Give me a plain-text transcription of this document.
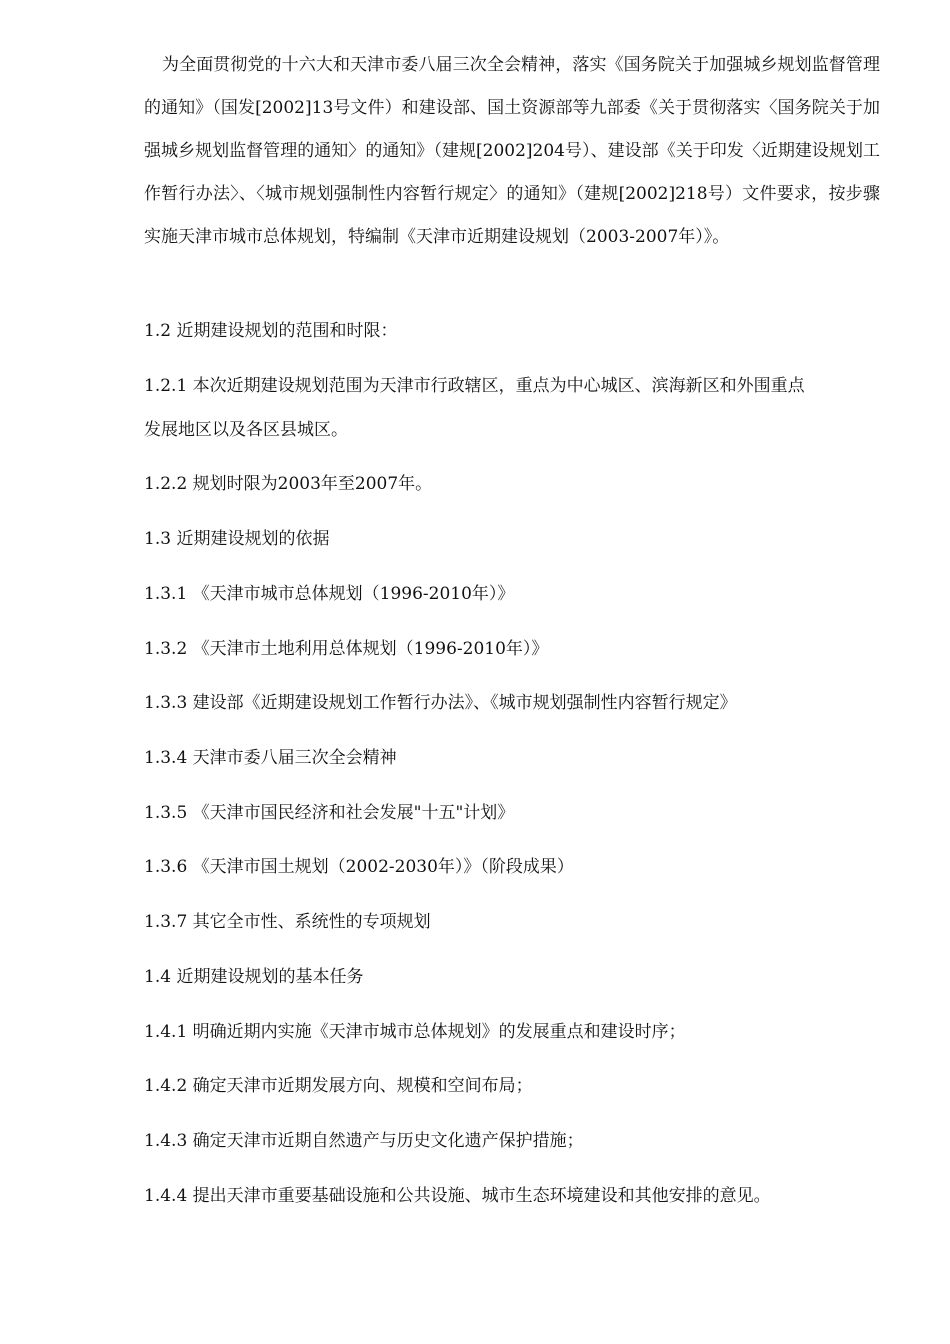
为全面贯彻党的十六大和天津市委八届三次全会精神，落实《国务院关于加强城乡规划监督管理的通知》（国发[2002]13号文件）和建设部、国土资源部等九部委《关于贯彻落实〈国务院关于加强城乡规划监督管理的通知〉的通知》（建规[2002]204号）、建设部《关于印发〈近期建设规划工作暂行办法〉、〈城市规划强制性内容暂行规定〉的通知》（建规[2002]218号）文件要求，按步骤实施天津市城市总体规划，特编制《天津市近期建设规划（2003-2007年）》。

1.2 近期建设规划的范围和时限：
1.2.1 本次近期建设规划范围为天津市行政辖区，重点为中心城区、滨海新区和外围重点
发展地区以及各区县城区。
1.2.2 规划时限为2003年至2007年。
1.3 近期建设规划的依据
1.3.1 《天津市城市总体规划（1996-2010年）》
1.3.2 《天津市土地利用总体规划（1996-2010年）》
1.3.3 建设部《近期建设规划工作暂行办法》、《城市规划强制性内容暂行规定》
1.3.4 天津市委八届三次全会精神
1.3.5 《天津市国民经济和社会发展"十五"计划》
1.3.6 《天津市国土规划（2002-2030年）》（阶段成果）
1.3.7 其它全市性、系统性的专项规划
1.4 近期建设规划的基本任务
1.4.1 明确近期内实施《天津市城市总体规划》的发展重点和建设时序；
1.4.2 确定天津市近期发展方向、规模和空间布局；
1.4.3 确定天津市近期自然遗产与历史文化遗产保护措施；
1.4.4 提出天津市重要基础设施和公共设施、城市生态环境建设和其他安排的意见。
